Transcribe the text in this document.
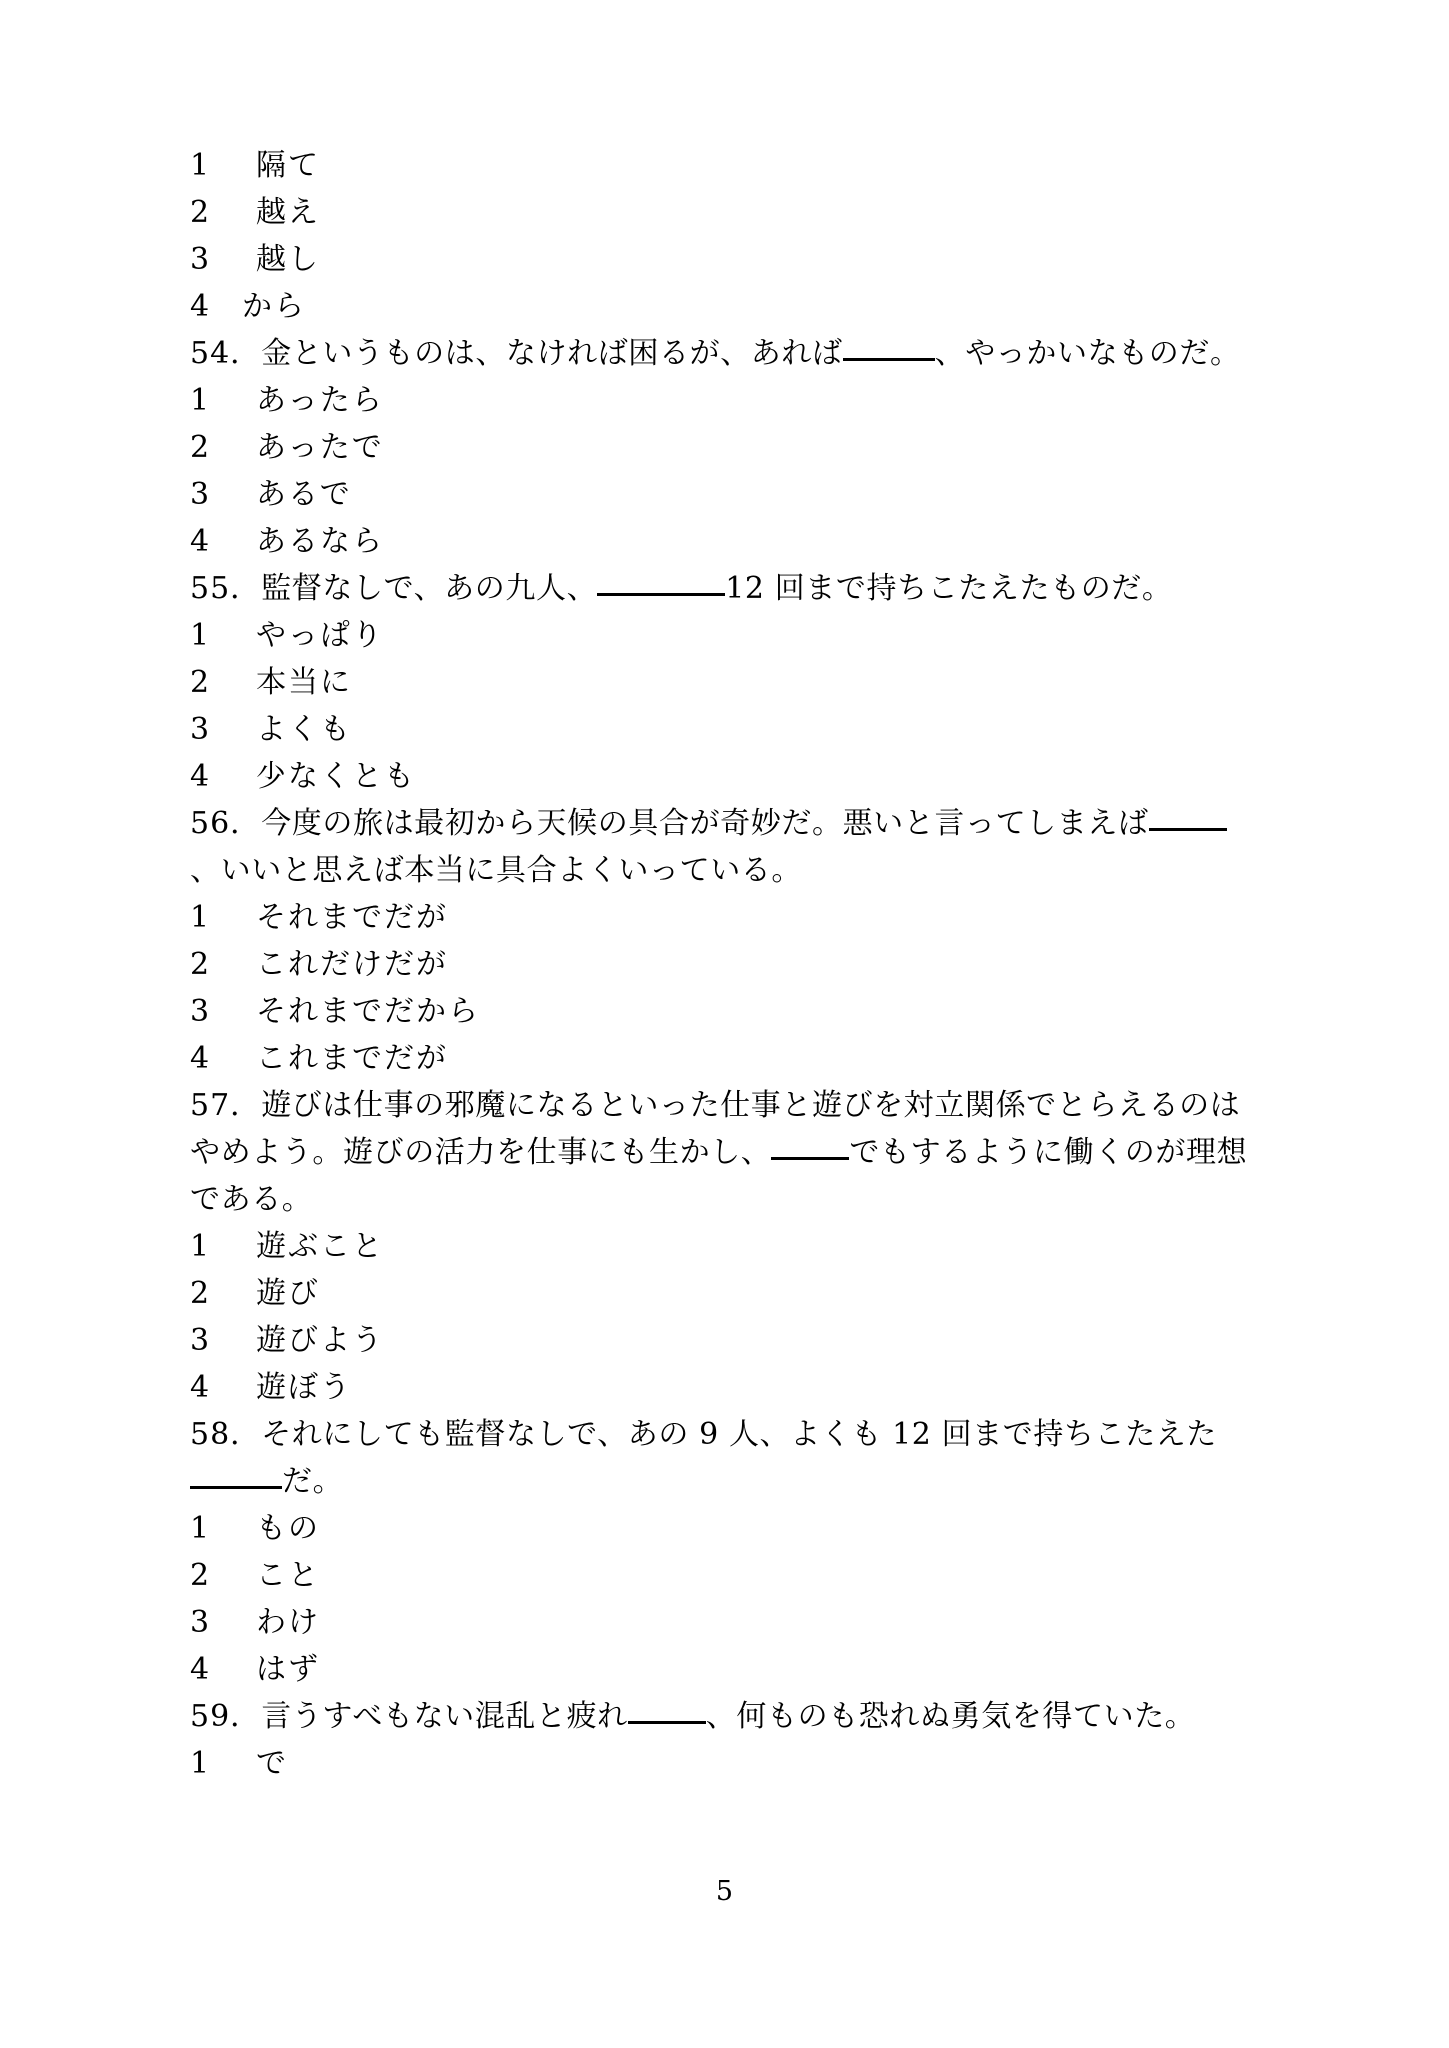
1 隔て
2 越え
3 越し
4 から

54．金というものは、なければ困るが、あれば	、やっかいなものだ。

1 あったら
2 あったで
3 あるで
4 あるなら

55．監督なしで、あの九人、	12 回まで持ちこたえたものだ。

1 やっぱり
2 本当に
3 よくも
4 少なくとも

56．今度の旅は最初から天候の具合が奇妙だ。悪いと言ってしまえば、いいと思えば本当に具合よくいっている。

1 それまでだが
2 これだけだが
3 それまでだから
4 これまでだが

57．遊びは仕事の邪魔になるといった仕事と遊びを対立関係でとらえるのはやめよう。遊びの活力を仕事にも生かし、	でもするように働くのが理想である。

1 遊ぶこと
2 遊び
3 遊びよう
4 遊ぼう

58．それにしても監督なしで、あの 9 人、よくも 12 回まで持ちこたえただ。

1 もの
2 こと
3 わけ
4 はず

59．言うすべもない混乱と疲れ	、何ものも恐れぬ勇気を得ていた。

1 で
5
